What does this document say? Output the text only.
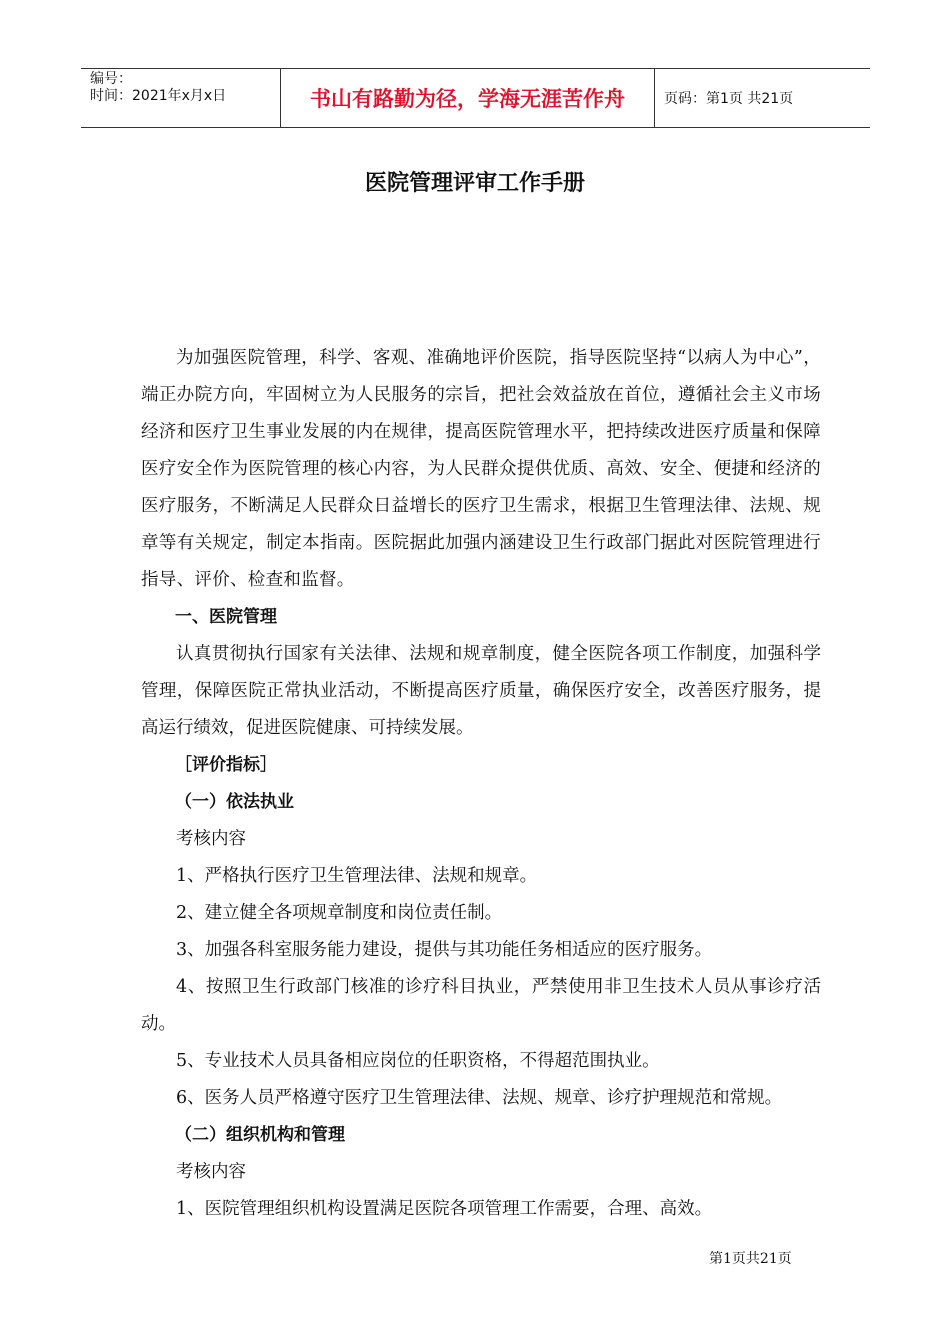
编号：
时间：2021年x月x日	书山有路勤为径，学海无涯苦作舟	页码：第1页 共21页
医院管理评审工作手册

为加强医院管理，科学、客观、准确地评价医院，指导医院坚持“以病人为中心”，端正办院方向，牢固树立为人民服务的宗旨，把社会效益放在首位，遵循社会主义市场经济和医疗卫生事业发展的内在规律，提高医院管理水平，把持续改进医疗质量和保障医疗安全作为医院管理的核心内容，为人民群众提供优质、高效、安全、便捷和经济的医疗服务，不断满足人民群众日益增长的医疗卫生需求，根据卫生管理法律、法规、规章等有关规定，制定本指南。医院据此加强内涵建设卫生行政部门据此对医院管理进行指导、评价、检查和监督。

一、医院管理

认真贯彻执行国家有关法律、法规和规章制度，健全医院各项工作制度，加强科学管理，保障医院正常执业活动，不断提高医疗质量，确保医疗安全，改善医疗服务，提高运行绩效，促进医院健康、可持续发展。

［评价指标］

（一）依法执业

考核内容

1、严格执行医疗卫生管理法律、法规和规章。

2、建立健全各项规章制度和岗位责任制。

3、加强各科室服务能力建设，提供与其功能任务相适应的医疗服务。

4、按照卫生行政部门核准的诊疗科目执业，严禁使用非卫生技术人员从事诊疗活动。

5、专业技术人员具备相应岗位的任职资格，不得超范围执业。

6、医务人员严格遵守医疗卫生管理法律、法规、规章、诊疗护理规范和常规。

（二）组织机构和管理

考核内容

1、医院管理组织机构设置满足医院各项管理工作需要，合理、高效。

第1页共21页
